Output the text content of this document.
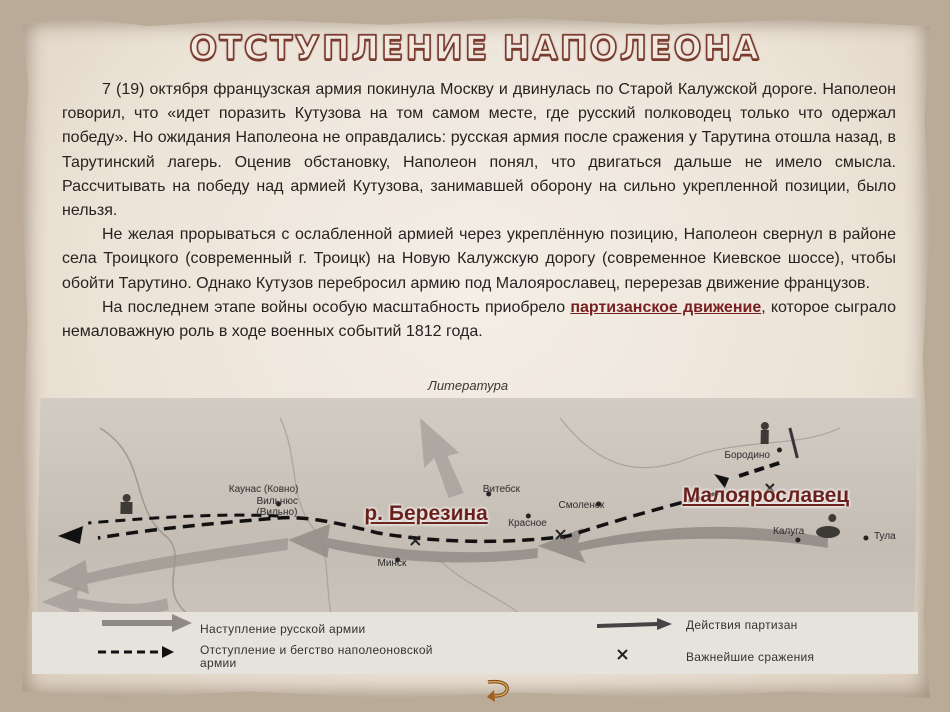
ОТСТУПЛЕНИЕ НАПОЛЕОНА

7 (19) октября французская армия покинула Москву и двинулась по Старой Калужской дороге. Наполеон говорил, что «идет поразить Кутузова на том самом месте, где русский полководец только что одержал победу». Но ожидания Наполеона не оправдались: русская армия после сражения у Тарутина отошла назад, в Тарутинский лагерь. Оценив обстановку, Наполеон понял, что двигаться дальше не имело смысла. Рассчитывать на победу над армией Кутузова, занимавшей оборону на сильно укрепленной позиции, было нельзя.

Не желая прорываться с ослабленной армией через укреплённую позицию, Наполеон свернул в районе села Троицкого (современный г. Троицк) на Новую Калужскую дорогу (современное Киевское шоссе), чтобы обойти Тарутино. Однако Кутузов перебросил армию под Малоярославец, перерезав движение французов.

На последнем этапе войны особую масштабность приобрело партизанское движение, которое сыграло немаловажную роль в ходе военных событий 1812 года.

Литература
Бородино
Каунас (Ковно)
Вильнюс
(Вильно)
Витебск
Смоленск
Красное
Минск
Калуга	Тула
р. Березина
Малоярославец
Наступление русской армии
Отступление и бегство наполеоновской армии
Действия партизан
Важнейшие сражения
